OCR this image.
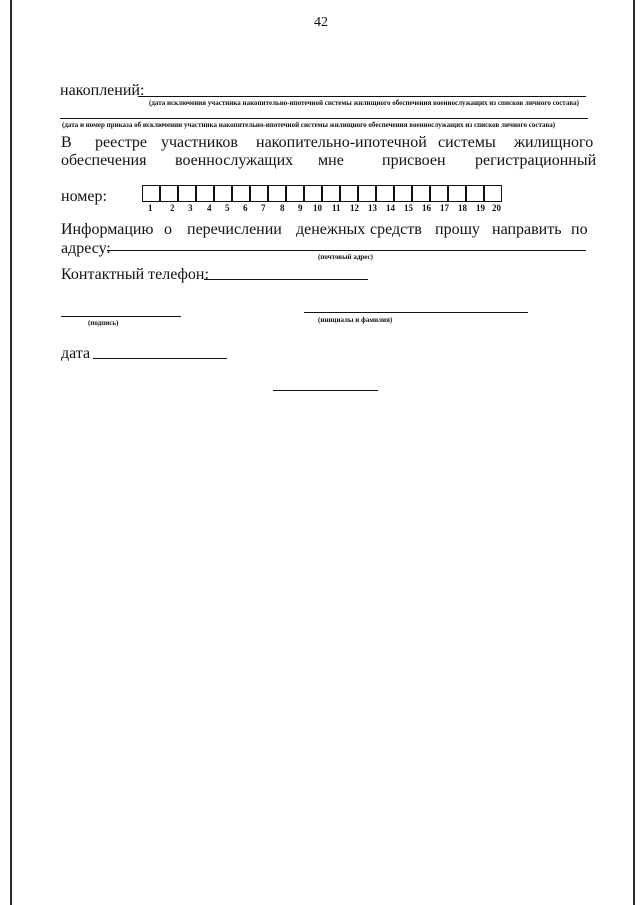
42
накоплений:
(дата исключения участника накопительно-ипотечной системы жилищного обеспечения военнослужащих из списков личного состава)
(дата и номер приказа об исключении участника накопительно-ипотечной системы жилищного обеспечения военнослужащих из списков личного состава)
В реестре участников накопительно-ипотечной системы жилищного
обеспечения военнослужащих мне присвоен регистрационный
номер:
1 2 3 4 5 6 7 8 9 10 11 12 13 14 15 16 17 18 19 20
Информацию о перечислении денежных средств прошу направить по
адресу:	(почтовый адрес)
Контактный телефон:
(подпись)	(инициалы и фамилия)
дата
